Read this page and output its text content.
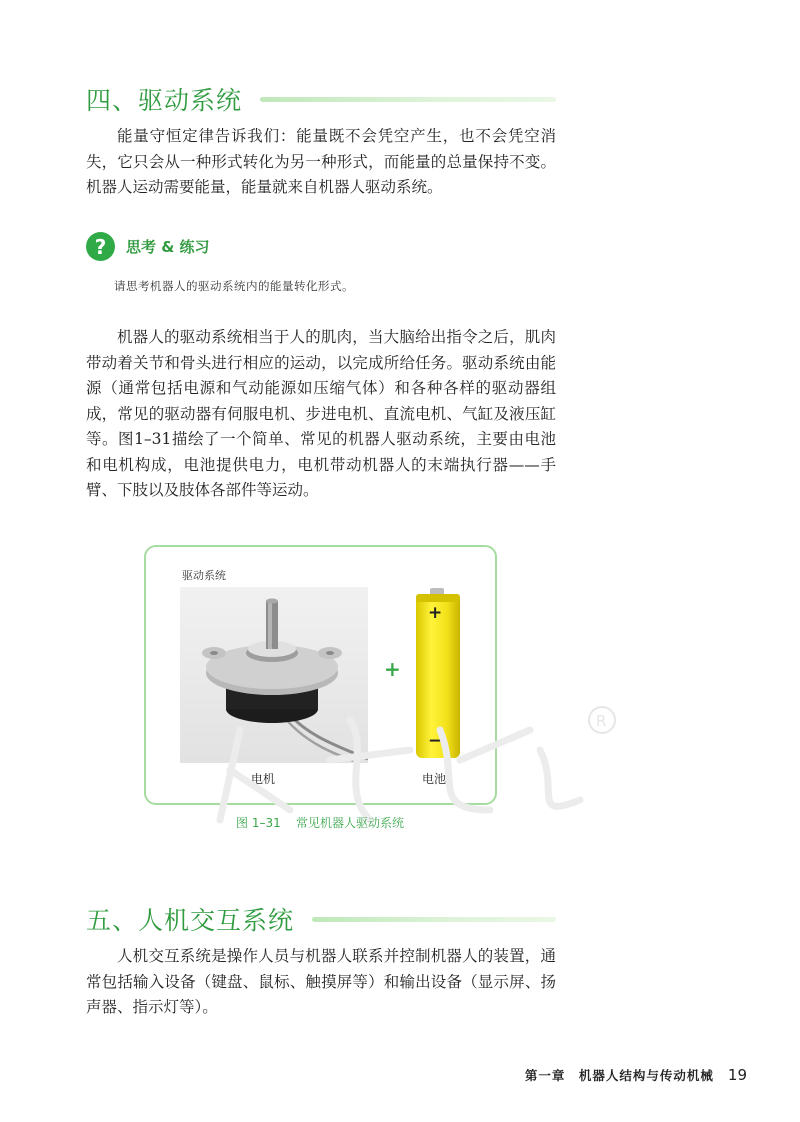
四、驱动系统

能量守恒定律告诉我们：能量既不会凭空产生，也不会凭空消失，它只会从一种形式转化为另一种形式，而能量的总量保持不变。机器人运动需要能量，能量就来自机器人驱动系统。

?	思考 & 练习
请思考机器人的驱动系统内的能量转化形式。

机器人的驱动系统相当于人的肌肉，当大脑给出指令之后，肌肉带动着关节和骨头进行相应的运动，以完成所给任务。驱动系统由能源（通常包括电源和气动能源如压缩气体）和各种各样的驱动器组成，常见的驱动器有伺服电机、步进电机、直流电机、气缸及液压缸等。图1–31描绘了一个简单、常见的机器人驱动系统，主要由电池和电机构成，电池提供电力，电机带动机器人的末端执行器——手臂、下肢以及肢体各部件等运动。

驱动系统
+
+
−
电机	电池
R
图 1–31    常见机器人驱动系统
五、人机交互系统

人机交互系统是操作人员与机器人联系并控制机器人的装置，通常包括输入设备（键盘、鼠标、触摸屏等）和输出设备（显示屏、扬声器、指示灯等）。

第一章　机器人结构与传动机械 19
